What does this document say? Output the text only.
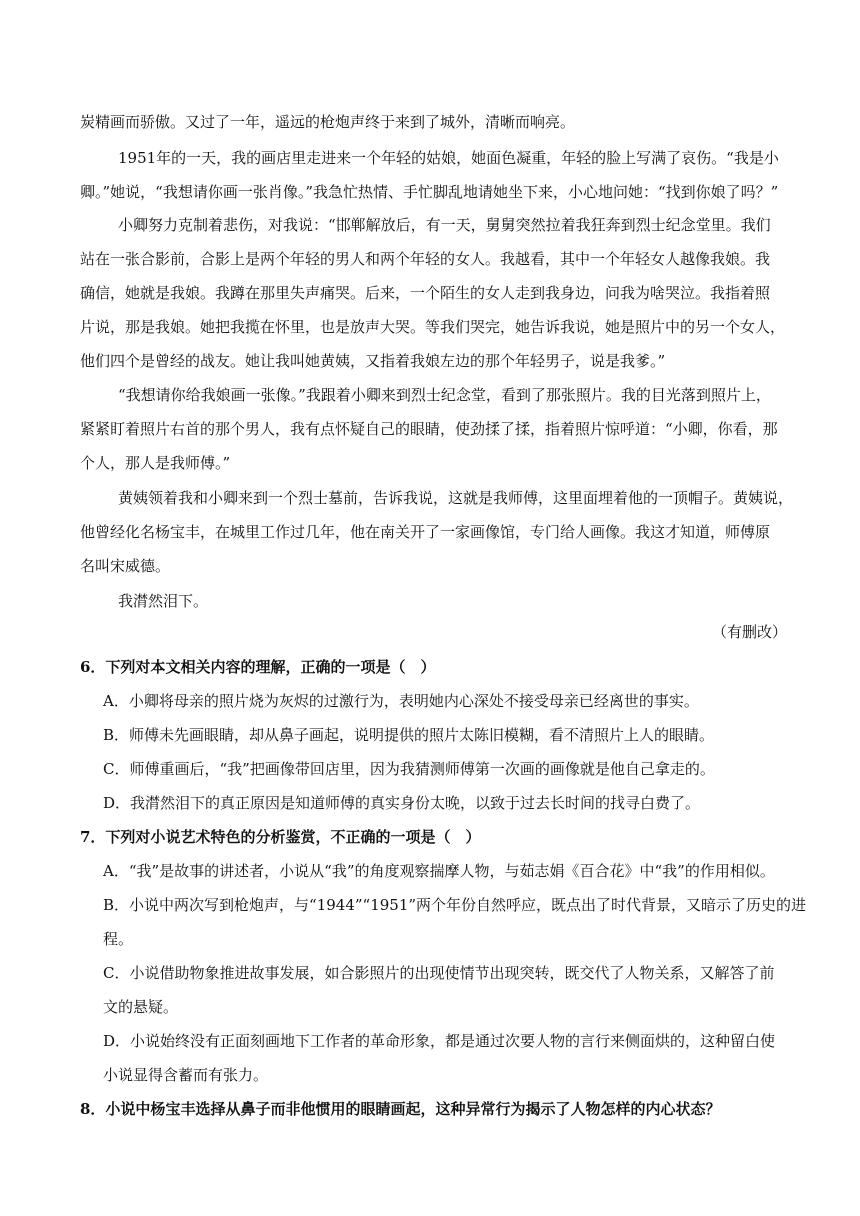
炭精画而骄傲。又过了一年，遥远的枪炮声终于来到了城外，清晰而响亮。
1951年的一天，我的画店里走进来一个年轻的姑娘，她面色凝重，年轻的脸上写满了哀伤。“我是小
卿。”她说，“我想请你画一张肖像。”我急忙热情、手忙脚乱地请她坐下来，小心地问她：“找到你娘了吗？”
小卿努力克制着悲伤，对我说：“邯郸解放后，有一天，舅舅突然拉着我狂奔到烈士纪念堂里。我们
站在一张合影前，合影上是两个年轻的男人和两个年轻的女人。我越看，其中一个年轻女人越像我娘。我
确信，她就是我娘。我蹲在那里失声痛哭。后来，一个陌生的女人走到我身边，问我为啥哭泣。我指着照
片说，那是我娘。她把我揽在怀里，也是放声大哭。等我们哭完，她告诉我说，她是照片中的另一个女人，
他们四个是曾经的战友。她让我叫她黄姨，又指着我娘左边的那个年轻男子，说是我爹。”
“我想请你给我娘画一张像。”我跟着小卿来到烈士纪念堂，看到了那张照片。我的目光落到照片上，
紧紧盯着照片右首的那个男人，我有点怀疑自己的眼睛，使劲揉了揉，指着照片惊呼道：“小卿，你看，那
个人，那人是我师傅。”
黄姨领着我和小卿来到一个烈士墓前，告诉我说，这就是我师傅，这里面埋着他的一顶帽子。黄姨说，
他曾经化名杨宝丰，在城里工作过几年，他在南关开了一家画像馆，专门给人画像。我这才知道，师傅原
名叫宋威德。
我潸然泪下。
（有删改）
6．下列对本文相关内容的理解，正确的一项是（　）
A．小卿将母亲的照片烧为灰烬的过激行为，表明她内心深处不接受母亲已经离世的事实。
B．师傅未先画眼睛，却从鼻子画起，说明提供的照片太陈旧模糊，看不清照片上人的眼睛。
C．师傅重画后，“我”把画像带回店里，因为我猜测师傅第一次画的画像就是他自己拿走的。
D．我潸然泪下的真正原因是知道师傅的真实身份太晚，以致于过去长时间的找寻白费了。
7．下列对小说艺术特色的分析鉴赏，不正确的一项是（　）
A．“我”是故事的讲述者，小说从“我”的角度观察揣摩人物，与茹志娟《百合花》中“我”的作用相似。
B．小说中两次写到枪炮声，与“1944”“1951”两个年份自然呼应，既点出了时代背景，又暗示了历史的进
程。
C．小说借助物象推进故事发展，如合影照片的出现使情节出现突转，既交代了人物关系，又解答了前
文的悬疑。
D．小说始终没有正面刻画地下工作者的革命形象，都是通过次要人物的言行来侧面烘的，这种留白使
小说显得含蓄而有张力。
8．小说中杨宝丰选择从鼻子而非他惯用的眼睛画起，这种异常行为揭示了人物怎样的内心状态？
